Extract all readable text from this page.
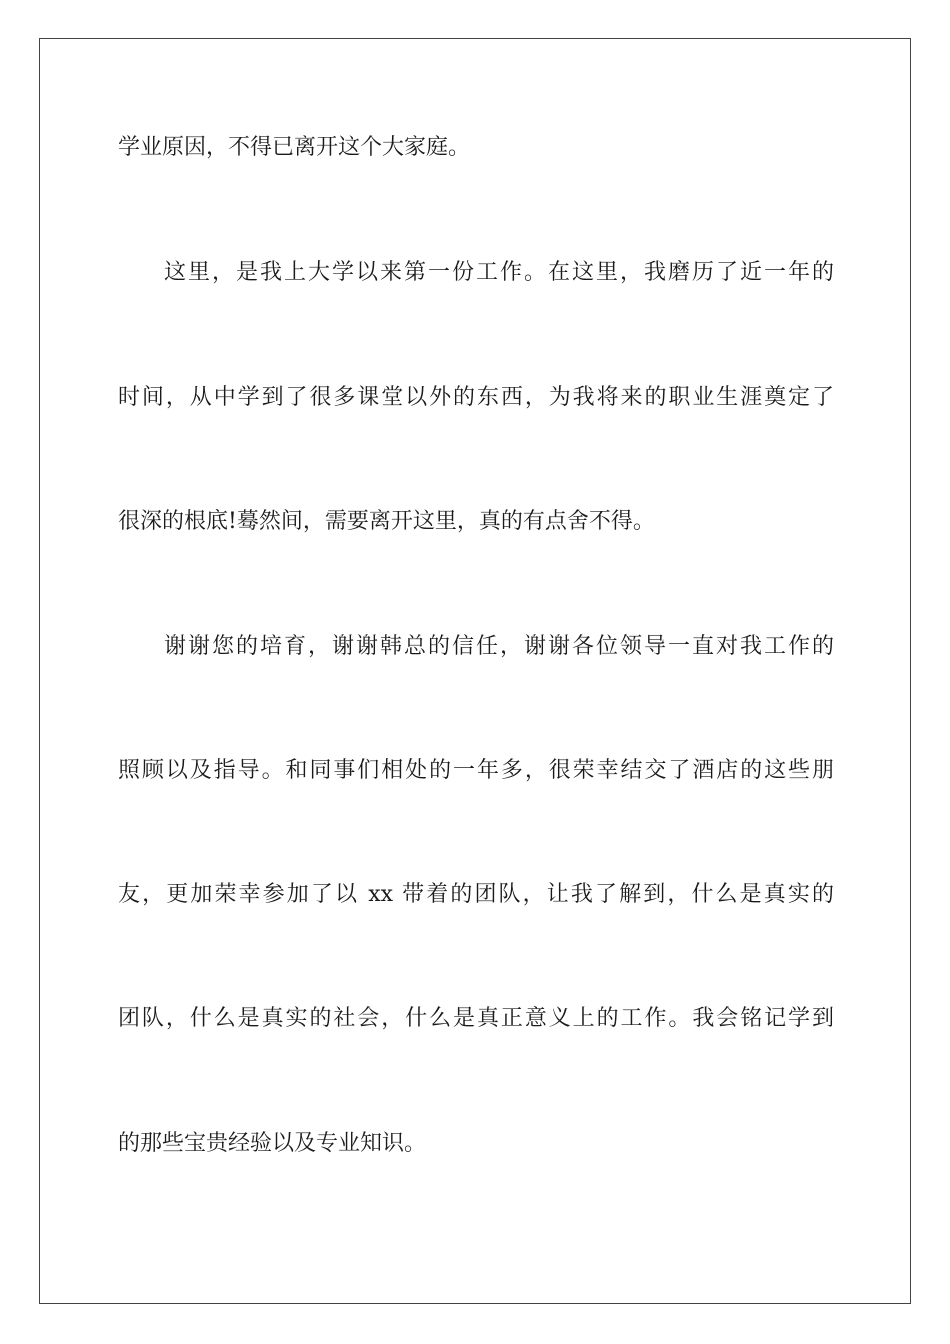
学业原因，不得已离开这个大家庭。
这里，是我上大学以来第一份工作。在这里，我磨历了近一年的
时间，从中学到了很多课堂以外的东西，为我将来的职业生涯奠定了
很深的根底!蓦然间，需要离开这里，真的有点舍不得。
谢谢您的培育，谢谢韩总的信任，谢谢各位领导一直对我工作的
照顾以及指导。和同事们相处的一年多，很荣幸结交了酒店的这些朋
友，更加荣幸参加了以 xx 带着的团队，让我了解到，什么是真实的
团队，什么是真实的社会，什么是真正意义上的工作。我会铭记学到
的那些宝贵经验以及专业知识。
